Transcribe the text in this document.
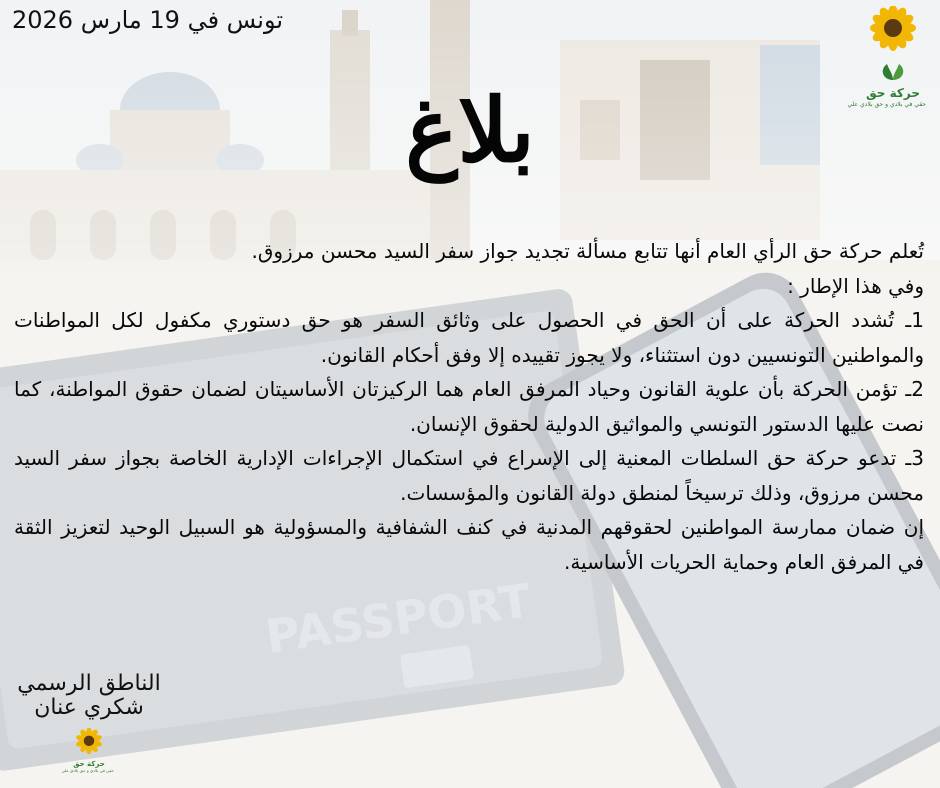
تونس في 19 مارس 2026

حركة حق
حقي في بلادي و حق بلادي علي
بلاغ

تُعلم حركة حق الرأي العام أنها تتابع مسألة تجديد جواز سفر السيد محسن مرزوق.

وفي هذا الإطار :

1ـ تُشدد الحركة على أن الحق في الحصول على وثائق السفر هو حق دستوري مكفول لكل المواطنات والمواطنين التونسيين دون استثناء، ولا يجوز تقييده إلا وفق أحكام القانون.

2ـ تؤمن الحركة بأن علوية القانون وحياد المرفق العام هما الركيزتان الأساسيتان لضمان حقوق المواطنة، كما نصت عليها الدستور التونسي والمواثيق الدولية لحقوق الإنسان.

3ـ تدعو حركة حق السلطات المعنية إلى الإسراع في استكمال الإجراءات الإدارية الخاصة بجواز سفر السيد محسن مرزوق، وذلك ترسيخاً لمنطق دولة القانون والمؤسسات.

إن ضمان ممارسة المواطنين لحقوقهم المدنية في كنف الشفافية والمسؤولية هو السبيل الوحيد لتعزيز الثقة في المرفق العام وحماية الحريات الأساسية.

الناطق الرسمي
شكري عنان
حركة حق
حقي في بلادي و حق بلادي علي
